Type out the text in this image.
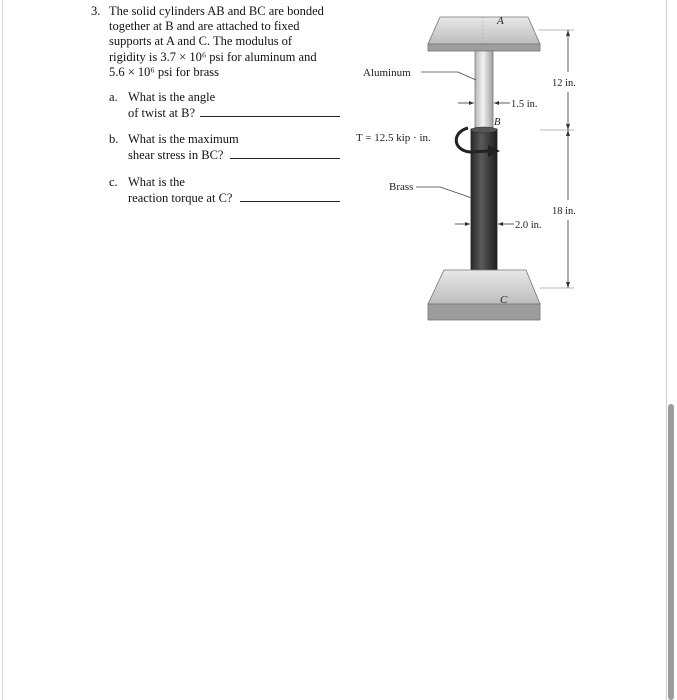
3. The solid cylinders AB and BC are bonded
together at B and are attached to fixed
supports at A and C. The modulus of
rigidity is 3.7 × 10⁶ psi for aluminum and
5.6 × 10⁶ psi for brass
a. What is the angle
of twist at B?
b. What is the maximum
shear stress in BC?
c. What is the
reaction torque at C?
A
B
C
Aluminum
Brass
T = 12.5 kip · in.
1.5 in.
2.0 in.
12 in.
18 in.
